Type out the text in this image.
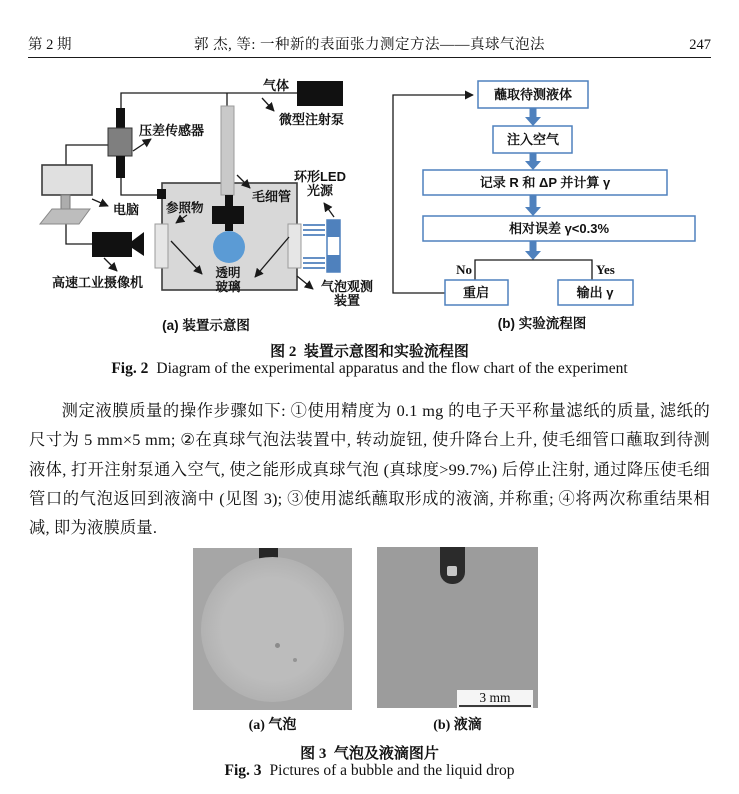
第 2 期	郭 杰, 等: 一种新的表面张力测定方法——真球气泡法	247
气体
微型注射泵
压差传感器
电脑
高速工业摄像机
参照物
毛细管
透明
玻璃
环形LED
光源
气泡观测
装置
(a) 装置示意图
蘸取待测液体
注入空气
记录 R 和 ΔP 并计算 γ
相对误差 γ<0.3%
No	Yes
重启	输出 γ
(b) 实验流程图
图 2 装置示意图和实验流程图
Fig. 2 Diagram of the experimental apparatus and the flow chart of the experiment
测定液膜质量的操作步骤如下: ①使用精度为 0.1 mg 的电子天平称量滤纸的质量, 滤纸的尺寸为 5 mm×5 mm; ②在真球气泡法装置中, 转动旋钮, 使升降台上升, 使毛细管口蘸取到待测液体, 打开注射泵通入空气, 使之能形成真球气泡 (真球度>99.7%) 后停止注射, 通过降压使毛细管口的气泡返回到液滴中 (见图 3); ③使用滤纸蘸取形成的液滴, 并称重; ④将两次称重结果相减, 即为液膜质量.
3 mm
(a) 气泡	(b) 液滴
图 3 气泡及液滴图片
Fig. 3 Pictures of a bubble and the liquid drop
